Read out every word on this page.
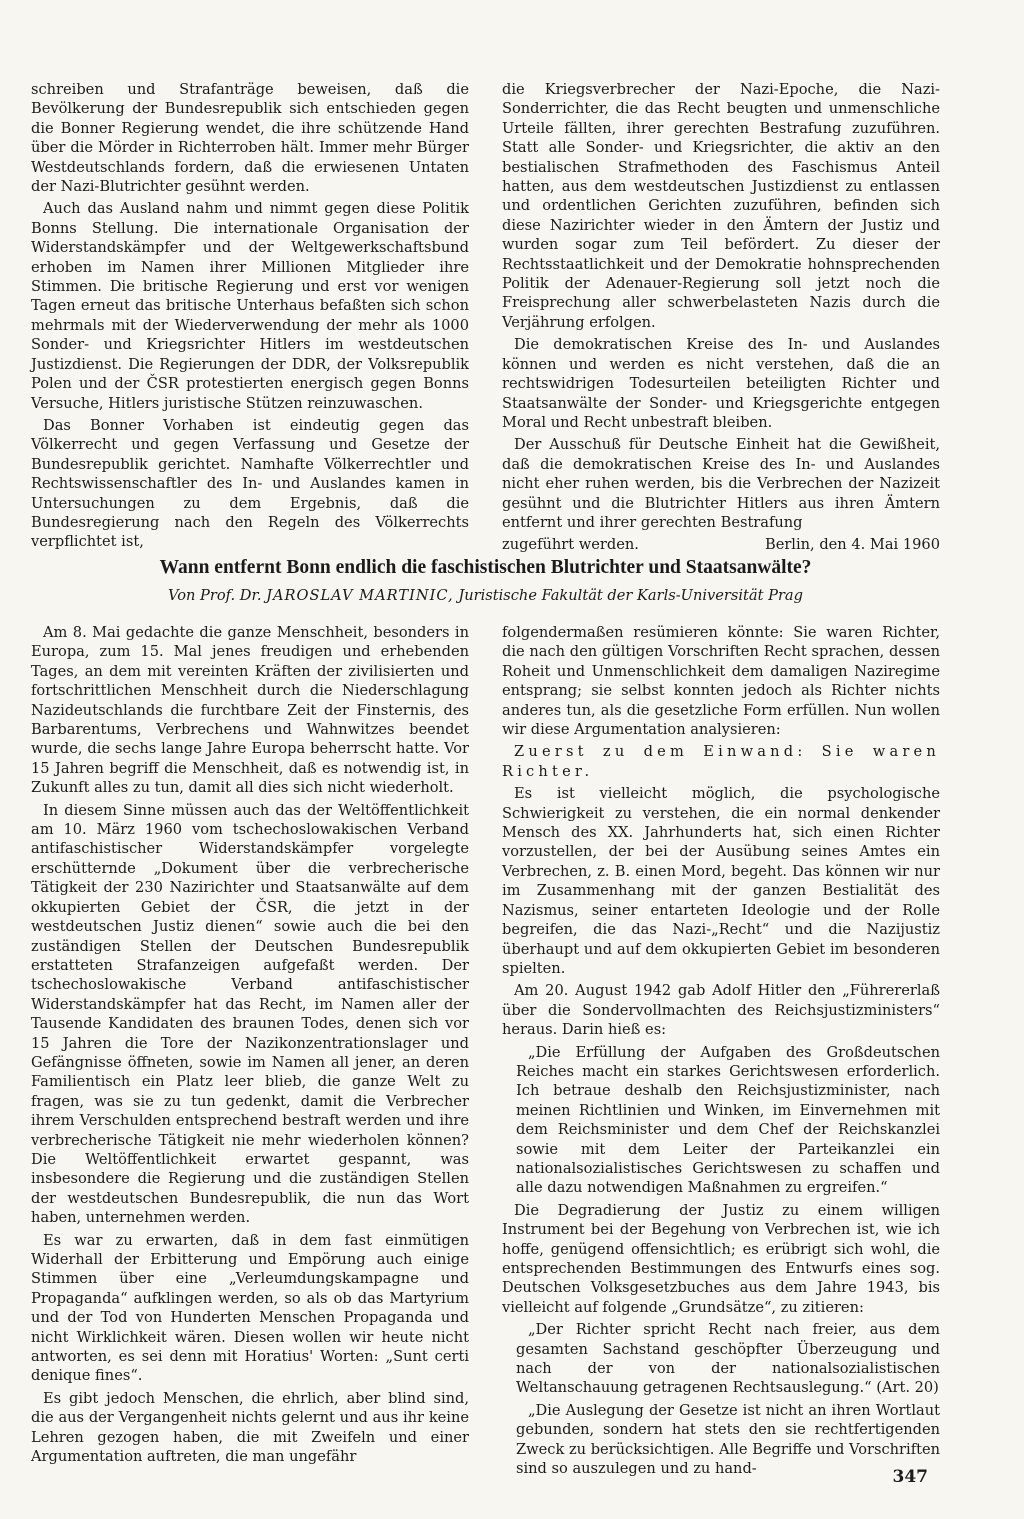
schreiben und Strafanträge beweisen, daß die Bevölkerung der Bundesrepublik sich entschieden gegen die Bonner Regierung wendet, die ihre schützende Hand über die Mörder in Richterroben hält. Immer mehr Bürger Westdeutschlands fordern, daß die erwiesenen Untaten der Nazi-Blutrichter gesühnt werden.

Auch das Ausland nahm und nimmt gegen diese Politik Bonns Stellung. Die internationale Organisation der Widerstandskämpfer und der Weltgewerkschaftsbund erhoben im Namen ihrer Millionen Mitglieder ihre Stimmen. Die britische Regierung und erst vor wenigen Tagen erneut das britische Unterhaus befaßten sich schon mehrmals mit der Wiederverwendung der mehr als 1000 Sonder- und Kriegsrichter Hitlers im westdeutschen Justizdienst. Die Regierungen der DDR, der Volksrepublik Polen und der ČSR protestierten energisch gegen Bonns Versuche, Hitlers juristische Stützen reinzuwaschen.

Das Bonner Vorhaben ist eindeutig gegen das Völkerrecht und gegen Verfassung und Gesetze der Bundesrepublik gerichtet. Namhafte Völkerrechtler und Rechtswissenschaftler des In- und Auslandes kamen in Untersuchungen zu dem Ergebnis, daß die Bundesregierung nach den Regeln des Völkerrechts verpflichtet ist,

die Kriegsverbrecher der Nazi-Epoche, die Nazi-Sonderrichter, die das Recht beugten und unmenschliche Urteile fällten, ihrer gerechten Bestrafung zuzuführen. Statt alle Sonder- und Kriegsrichter, die aktiv an den bestialischen Strafmethoden des Faschismus Anteil hatten, aus dem westdeutschen Justizdienst zu entlassen und ordentlichen Gerichten zuzuführen, befinden sich diese Nazirichter wieder in den Ämtern der Justiz und wurden sogar zum Teil befördert. Zu dieser der Rechtsstaatlichkeit und der Demokratie hohnsprechenden Politik der Adenauer-Regierung soll jetzt noch die Freisprechung aller schwerbelasteten Nazis durch die Verjährung erfolgen.

Die demokratischen Kreise des In- und Auslandes können und werden es nicht verstehen, daß die an rechtswidrigen Todesurteilen beteiligten Richter und Staatsanwälte der Sonder- und Kriegsgerichte entgegen Moral und Recht unbestraft bleiben.

Der Ausschuß für Deutsche Einheit hat die Gewißheit, daß die demokratischen Kreise des In- und Auslandes nicht eher ruhen werden, bis die Verbrechen der Nazizeit gesühnt und die Blutrichter Hitlers aus ihren Ämtern entfernt und ihrer gerechten Bestrafung

zugeführt werden.	Berlin, den 4. Mai 1960
Wann entfernt Bonn endlich die faschistischen Blutrichter und Staatsanwälte?
Von Prof. Dr. JAROSLAV MARTINIC, Juristische Fakultät der Karls-Universität Prag

Am 8. Mai gedachte die ganze Menschheit, besonders in Europa, zum 15. Mal jenes freudigen und erhebenden Tages, an dem mit vereinten Kräften der zivilisierten und fortschrittlichen Menschheit durch die Niederschlagung Nazideutschlands die furchtbare Zeit der Finsternis, des Barbarentums, Verbrechens und Wahnwitzes beendet wurde, die sechs lange Jahre Europa beherrscht hatte. Vor 15 Jahren begriff die Menschheit, daß es notwendig ist, in Zukunft alles zu tun, damit all dies sich nicht wiederholt.

In diesem Sinne müssen auch das der Weltöffentlichkeit am 10. März 1960 vom tschechoslowakischen Verband antifaschistischer Widerstandskämpfer vorgelegte erschütternde „Dokument über die verbrecherische Tätigkeit der 230 Nazirichter und Staatsanwälte auf dem okkupierten Gebiet der ČSR, die jetzt in der westdeutschen Justiz dienen“ sowie auch die bei den zuständigen Stellen der Deutschen Bundesrepublik erstatteten Strafanzeigen aufgefaßt werden. Der tschechoslowakische Verband antifaschistischer Widerstandskämpfer hat das Recht, im Namen aller der Tausende Kandidaten des braunen Todes, denen sich vor 15 Jahren die Tore der Nazikonzentrationslager und Gefängnisse öffneten, sowie im Namen all jener, an deren Familientisch ein Platz leer blieb, die ganze Welt zu fragen, was sie zu tun gedenkt, damit die Verbrecher ihrem Verschulden entsprechend bestraft werden und ihre verbrecherische Tätigkeit nie mehr wiederholen können? Die Weltöffentlichkeit erwartet gespannt, was insbesondere die Regierung und die zuständigen Stellen der westdeutschen Bundesrepublik, die nun das Wort haben, unternehmen werden.

Es war zu erwarten, daß in dem fast einmütigen Widerhall der Erbitterung und Empörung auch einige Stimmen über eine „Verleumdungskampagne und Propaganda“ aufklingen werden, so als ob das Martyrium und der Tod von Hunderten Menschen Propaganda und nicht Wirklichkeit wären. Diesen wollen wir heute nicht antworten, es sei denn mit Horatius' Worten: „Sunt certi denique fines“.

Es gibt jedoch Menschen, die ehrlich, aber blind sind, die aus der Vergangenheit nichts gelernt und aus ihr keine Lehren gezogen haben, die mit Zweifeln und einer Argumentation auftreten, die man ungefähr

folgendermaßen resümieren könnte: Sie waren Richter, die nach den gültigen Vorschriften Recht sprachen, dessen Roheit und Unmenschlichkeit dem damaligen Naziregime entsprang; sie selbst konnten jedoch als Richter nichts anderes tun, als die gesetzliche Form erfüllen. Nun wollen wir diese Argumentation analysieren:

Zuerst zu dem Einwand: Sie waren Richter.

Es ist vielleicht möglich, die psychologische Schwierigkeit zu verstehen, die ein normal denkender Mensch des XX. Jahrhunderts hat, sich einen Richter vorzustellen, der bei der Ausübung seines Amtes ein Verbrechen, z. B. einen Mord, begeht. Das können wir nur im Zusammenhang mit der ganzen Bestialität des Nazismus, seiner entarteten Ideologie und der Rolle begreifen, die das Nazi-„Recht“ und die Nazijustiz überhaupt und auf dem okkupierten Gebiet im besonderen spielten.

Am 20. August 1942 gab Adolf Hitler den „Führererlaß über die Sondervollmachten des Reichsjustizministers“ heraus. Darin hieß es:

„Die Erfüllung der Aufgaben des Großdeutschen Reiches macht ein starkes Gerichtswesen erforderlich. Ich betraue deshalb den Reichsjustizminister, nach meinen Richtlinien und Winken, im Einvernehmen mit dem Reichsminister und dem Chef der Reichskanzlei sowie mit dem Leiter der Parteikanzlei ein nationalsozialistisches Gerichtswesen zu schaffen und alle dazu notwendigen Maßnahmen zu ergreifen.“

Die Degradierung der Justiz zu einem willigen Instrument bei der Begehung von Verbrechen ist, wie ich hoffe, genügend offensichtlich; es erübrigt sich wohl, die entsprechenden Bestimmungen des Entwurfs eines sog. Deutschen Volksgesetzbuches aus dem Jahre 1943, bis vielleicht auf folgende „Grundsätze“, zu zitieren:

„Der Richter spricht Recht nach freier, aus dem gesamten Sachstand geschöpfter Überzeugung und nach der von der nationalsozialistischen Weltanschauung getragenen Rechtsauslegung.“ (Art. 20)

„Die Auslegung der Gesetze ist nicht an ihren Wortlaut gebunden, sondern hat stets den sie rechtfertigenden Zweck zu berücksichtigen. Alle Begriffe und Vorschriften sind so auszulegen und zu hand-	347
